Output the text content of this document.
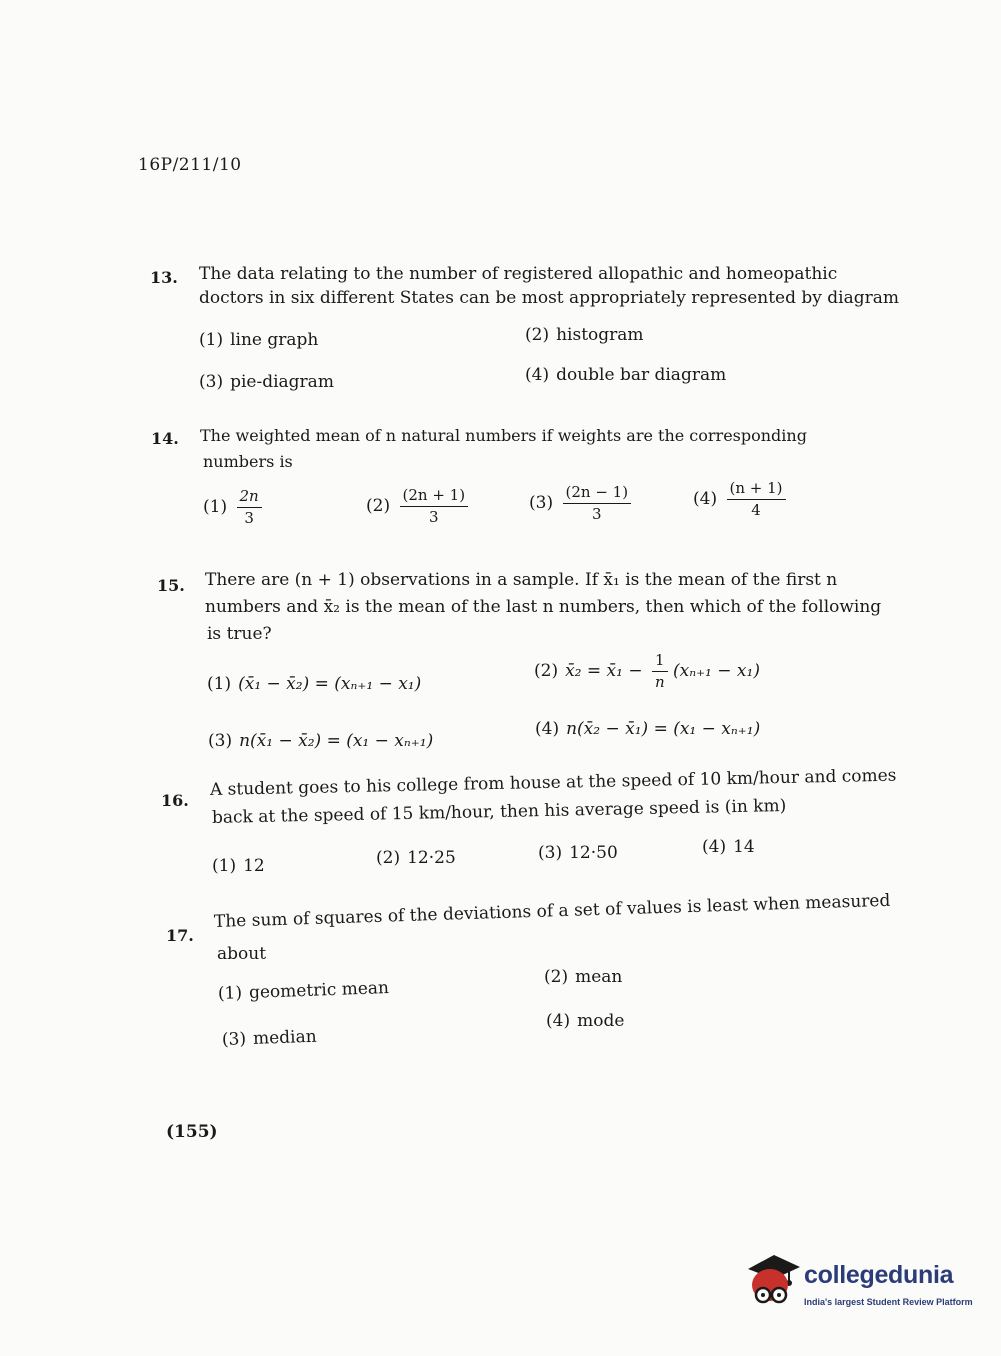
16P/211/10
13. The data relating to the number of registered allopathic and homeopathic
doctors in six different States can be most appropriately represented by diagram
(1) line graph	(2) histogram
(3) pie-diagram	(4) double bar diagram
14. The weighted mean of n natural numbers if weights are the corresponding
numbers is
$(1) \frac{2n}{3}$	$(2) \frac{(2n + 1)}{3}$	$(3) \frac{(2n - 1)}{3}$	$(4) \frac{(n + 1)}{4}$
15. There are (n + 1) observations in a sample. If x̄₁ is the mean of the first n
numbers and x̄₂ is the mean of the last n numbers, then which of the following
is true?
(1) (x̄₁ − x̄₂) = (xₙ₊₁ − x₁)
(2) x̄₂ = x̄₁ − $\frac{1}{n} (x_{n+1} - x_1)$
(3) n(x̄₁ − x̄₂) = (x₁ − xₙ₊₁)
(4) n(x̄₂ − x̄₁) = (x₁ − xₙ₊₁)
16.
A student goes to his college from house at the speed of 10 km/hour and comes
back at the speed of 15 km/hour, then his average speed is (in km)
(1) 12	(2) 12·25	(3) 12·50	(4) 14
17.
The sum of squares of the deviations of a set of values is least when measured
about
(1) geometric mean
(2) mean
(3) median
(4) mode
(155)
collegedunia
India's largest Student Review Platform
